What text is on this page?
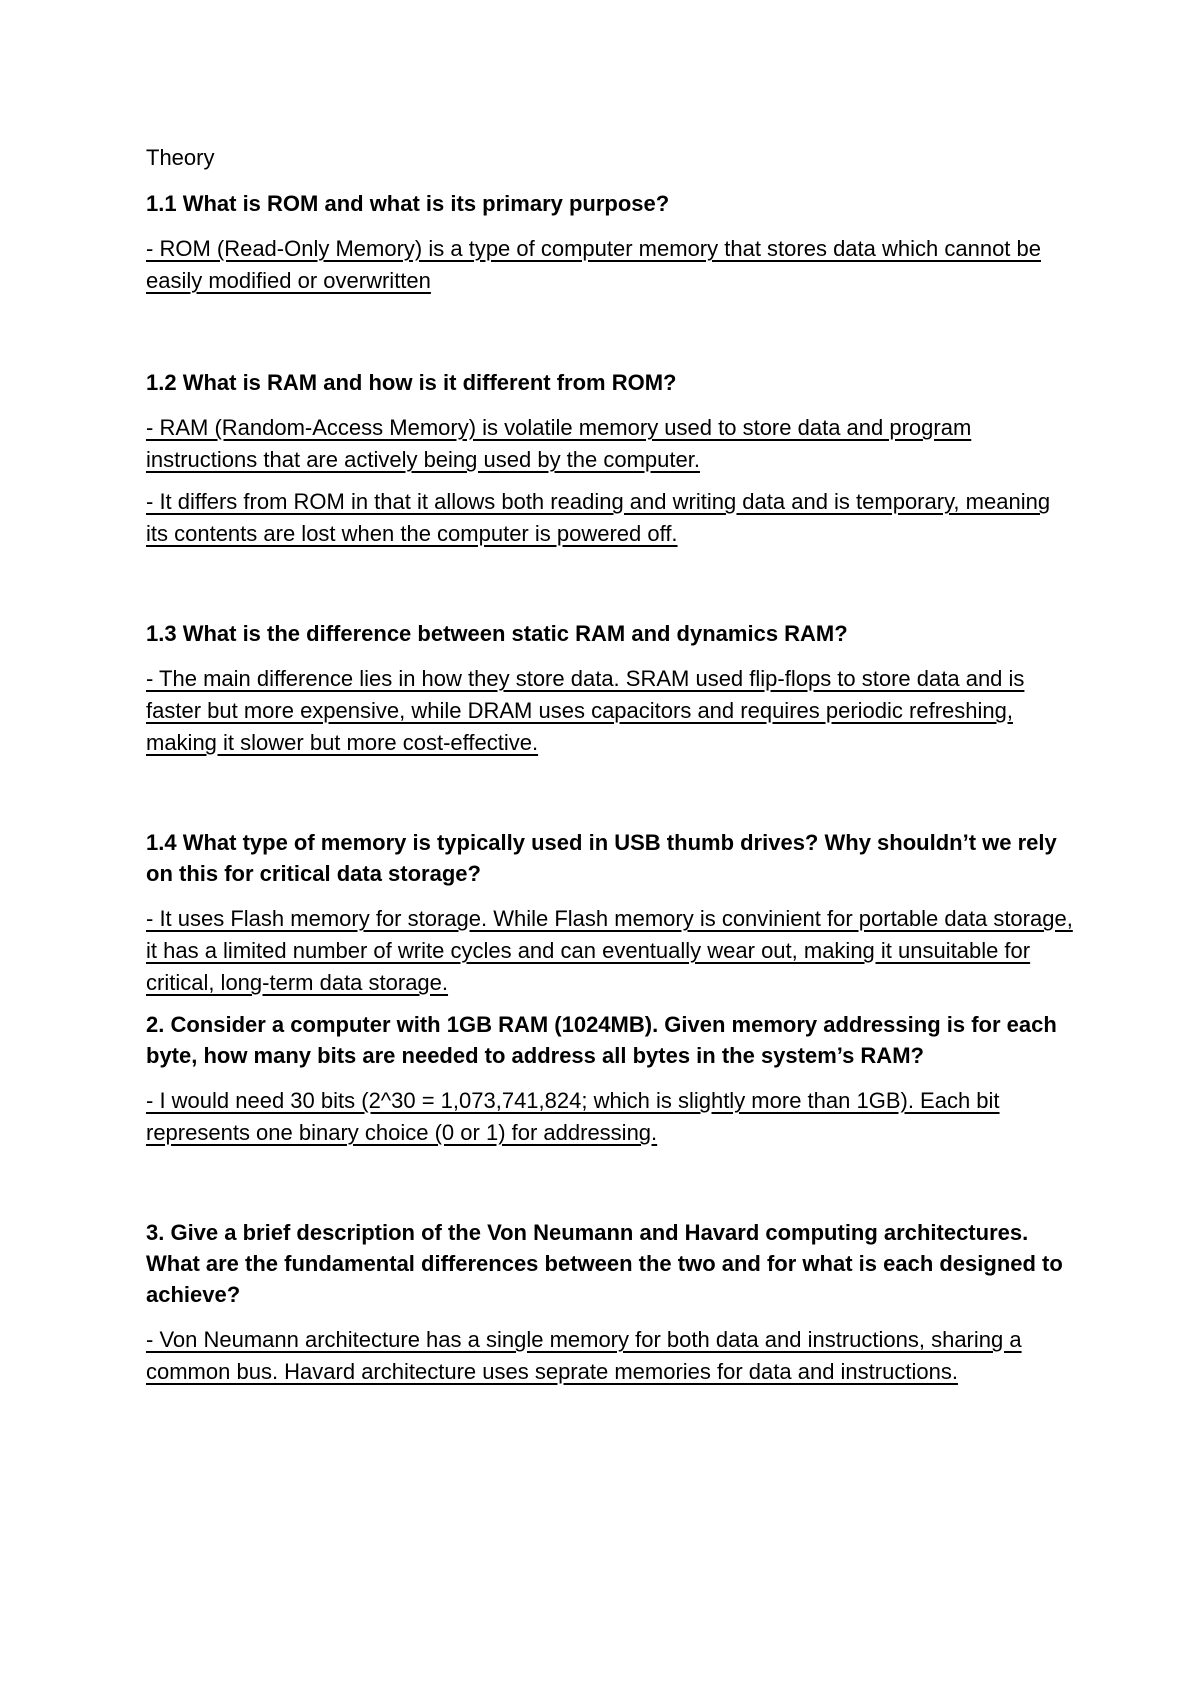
Theory

1.1 What is ROM and what is its primary purpose?

- ROM (Read-Only Memory) is a type of computer memory that stores data which cannot be easily modified or overwritten

1.2 What is RAM and how is it different from ROM?

- RAM (Random-Access Memory) is volatile memory used to store data and program instructions that are actively being used by the computer.

- It differs from ROM in that it allows both reading and writing data and is temporary, meaning its contents are lost when the computer is powered off.

1.3 What is the difference between static RAM and dynamics RAM?

- The main difference lies in how they store data. SRAM used flip-flops to store data and is faster but more expensive, while DRAM uses capacitors and requires periodic refreshing, making it slower but more cost-effective.

1.4 What type of memory is typically used in USB thumb drives? Why shouldn’t we rely on this for critical data storage?

- It uses Flash memory for storage. While Flash memory is convinient for portable data storage, it has a limited number of write cycles and can eventually wear out, making it unsuitable for critical, long-term data storage.

2. Consider a computer with 1GB RAM (1024MB). Given memory addressing is for each byte, how many bits are needed to address all bytes in the system’s RAM?

- I would need 30 bits (2^30 = 1,073,741,824; which is slightly more than 1GB). Each bit represents one binary choice (0 or 1) for addressing.

3. Give a brief description of the Von Neumann and Havard computing architectures. What are the fundamental differences between the two and for what is each designed to achieve?

- Von Neumann architecture has a single memory for both data and instructions, sharing a common bus. Havard architecture uses seprate memories for data and instructions.
